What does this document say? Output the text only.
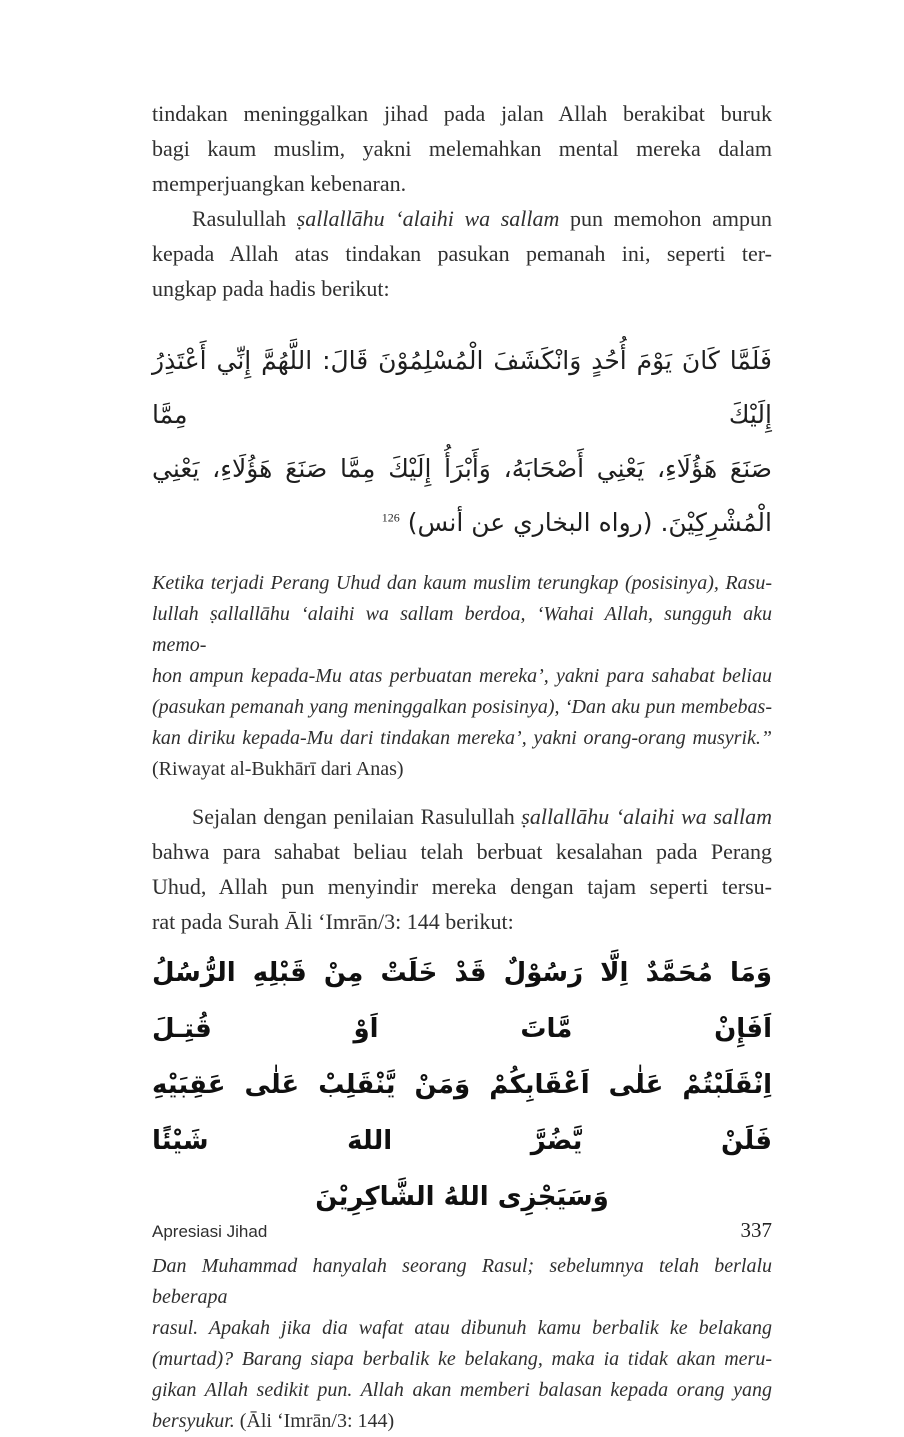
tindakan meninggalkan jihad pada jalan Allah berakibat buruk
bagi kaum muslim, yakni melemahkan mental mereka dalam
memperjuangkan kebenaran.
Rasulullah ṣallallāhu ‘alaihi wa sallam pun memohon ampun
kepada Allah atas tindakan pasukan pemanah ini, seperti ter-
ungkap pada hadis berikut:
فَلَمَّا كَانَ يَوْمَ أُحُدٍ وَانْكَشَفَ الْمُسْلِمُوْنَ قَالَ: اللَّهُمَّ إِنِّي أَعْتَذِرُ إِلَيْكَ مِمَّا
صَنَعَ هَؤُلَاءِ، يَعْنِي أَصْحَابَهُ، وَأَبْرَأُ إِلَيْكَ مِمَّا صَنَعَ هَؤُلَاءِ، يَعْنِي
الْمُشْرِكِيْنَ. (رواه البخاري عن أنس) $^{126}$
Ketika terjadi Perang Uhud dan kaum muslim terungkap (posisinya), Rasu-
lullah ṣallallāhu ‘alaihi wa sallam berdoa, ‘Wahai Allah, sungguh aku memo-
hon ampun kepada-Mu atas perbuatan mereka’, yakni para sahabat beliau
(pasukan pemanah yang meninggalkan posisinya), ‘Dan aku pun membebas-
kan diriku kepada-Mu dari tindakan mereka’, yakni orang-orang musyrik.”
(Riwayat al-Bukhārī dari Anas)
Sejalan dengan penilaian Rasulullah ṣallallāhu ‘alaihi wa sallam
bahwa para sahabat beliau telah berbuat kesalahan pada Perang
Uhud, Allah pun menyindir mereka dengan tajam seperti tersu-
rat pada Surah Āli ‘Imrān/3: 144 berikut:
وَمَا مُحَمَّدٌ اِلَّا رَسُوْلٌ قَدْ خَلَتْ مِنْ قَبْلِهِ الرُّسُلُ اَفَإِنْ مَّاتَ اَوْ قُتِـلَ
اِنْقَلَبْتُمْ عَلٰى اَعْقَابِكُمْ وَمَنْ يَّنْقَلِبْ عَلٰى عَقِبَيْهِ فَلَنْ يَّضُرَّ اللهَ شَيْئًا
وَسَيَجْزِى اللهُ الشَّاكِرِيْنَ
Dan Muhammad hanyalah seorang Rasul; sebelumnya telah berlalu beberapa
rasul. Apakah jika dia wafat atau dibunuh kamu berbalik ke belakang
(murtad)? Barang siapa berbalik ke belakang, maka ia tidak akan meru-
gikan Allah sedikit pun. Allah akan memberi balasan kepada orang yang
bersyukur. (Āli ‘Imrān/3: 144)
Apresiasi Jihad	337
